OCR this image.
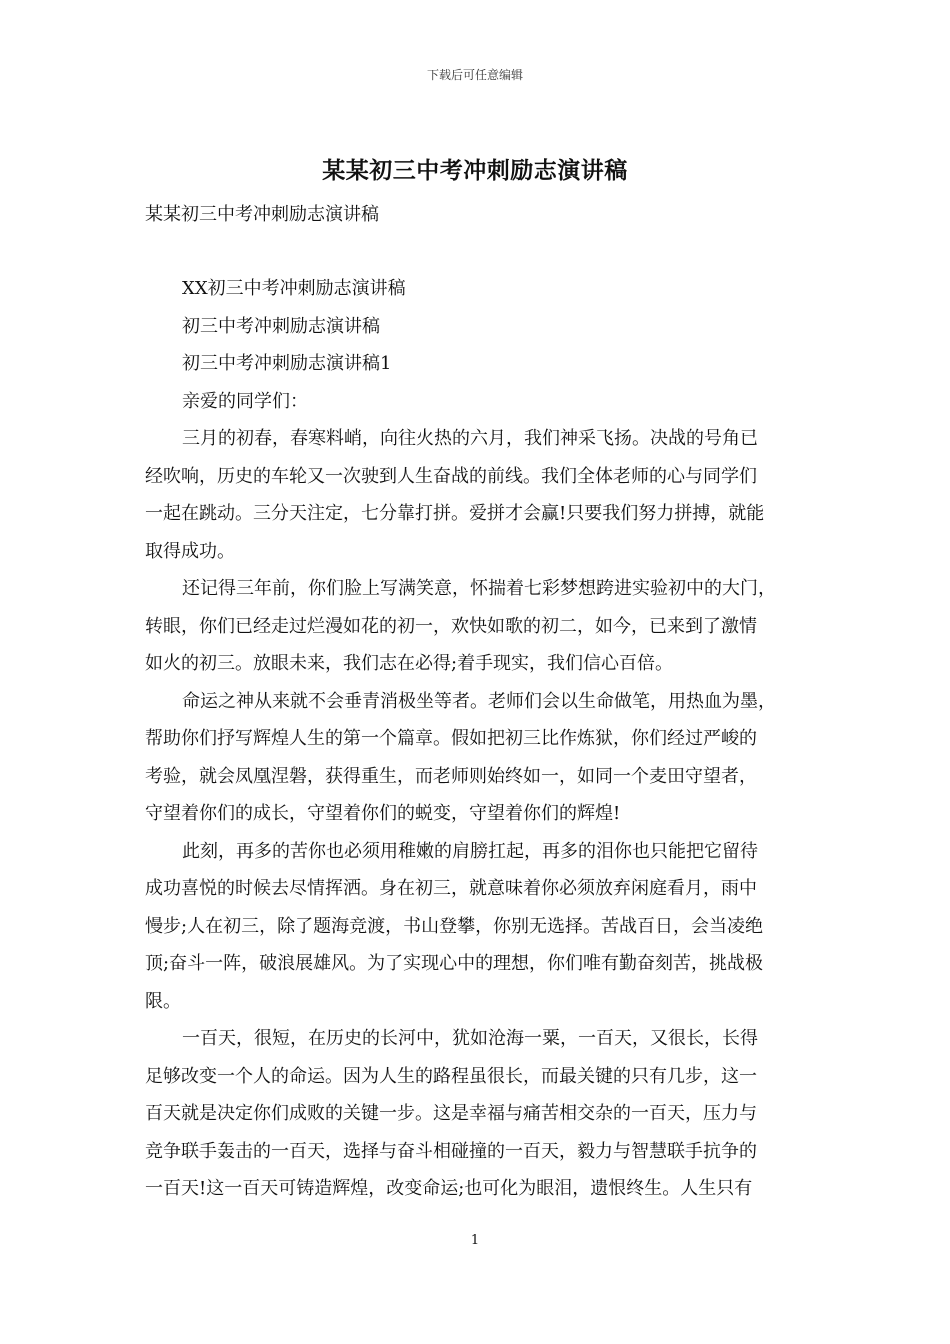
下载后可任意编辑
某某初三中考冲刺励志演讲稿
某某初三中考冲刺励志演讲稿

XX初三中考冲刺励志演讲稿

初三中考冲刺励志演讲稿

初三中考冲刺励志演讲稿1

亲爱的同学们：

三月的初春，春寒料峭，向往火热的六月，我们神采飞扬。决战的号角已
经吹响，历史的车轮又一次驶到人生奋战的前线。我们全体老师的心与同学们
一起在跳动。三分天注定，七分靠打拼。爱拼才会赢!只要我们努力拼搏，就能
取得成功。
还记得三年前，你们脸上写满笑意，怀揣着七彩梦想跨进实验初中的大门，
转眼，你们已经走过烂漫如花的初一，欢快如歌的初二，如今，已来到了激情
如火的初三。放眼未来，我们志在必得;着手现实，我们信心百倍。
命运之神从来就不会垂青消极坐等者。老师们会以生命做笔，用热血为墨，
帮助你们抒写辉煌人生的第一个篇章。假如把初三比作炼狱，你们经过严峻的
考验，就会凤凰涅磐，获得重生，而老师则始终如一，如同一个麦田守望者，
守望着你们的成长，守望着你们的蜕变，守望着你们的辉煌!
此刻，再多的苦你也必须用稚嫩的肩膀扛起，再多的泪你也只能把它留待
成功喜悦的时候去尽情挥洒。身在初三，就意味着你必须放弃闲庭看月，雨中
慢步;人在初三，除了题海竞渡，书山登攀，你别无选择。苦战百日，会当凌绝
顶;奋斗一阵，破浪展雄风。为了实现心中的理想，你们唯有勤奋刻苦，挑战极
限。
一百天，很短，在历史的长河中，犹如沧海一粟，一百天，又很长，长得
足够改变一个人的命运。因为人生的路程虽很长，而最关键的只有几步，这一
百天就是决定你们成败的关键一步。这是幸福与痛苦相交杂的一百天，压力与
竞争联手轰击的一百天，选择与奋斗相碰撞的一百天，毅力与智慧联手抗争的
一百天!这一百天可铸造辉煌，改变命运;也可化为眼泪，遗恨终生。人生只有
1
